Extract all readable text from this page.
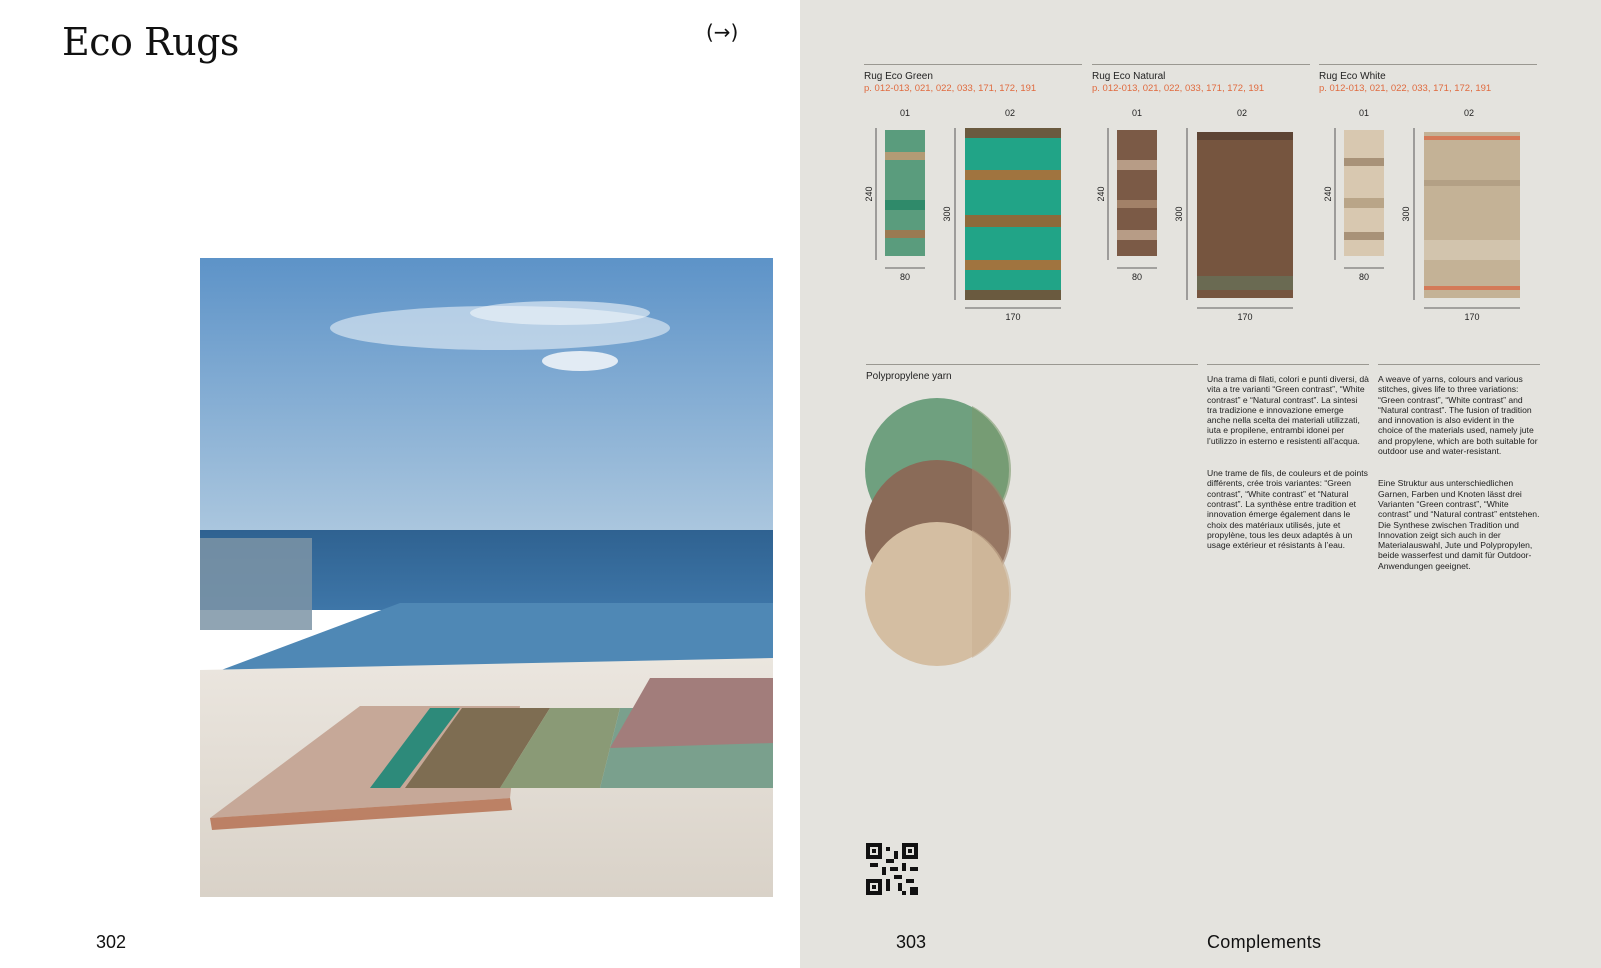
Eco Rugs	(→)
302
Rug Eco Green
p. 012-013, 021, 022, 033, 171, 172, 191
Rug Eco Natural
p. 012-013, 021, 022, 033, 171, 172, 191
Rug Eco White
p. 012-013, 021, 022, 033, 171, 172, 191
01	02
240
80
300
170
01	02
240
80
300
170
01	02
240
80
300
170
Polypropylene yarn	Una trama di filati, colori e punti diversi, dà vita a tre varianti “Green contrast”, “White contrast” e “Natural contrast”. La sintesi tra tradizione e innovazione emerge anche nella scelta dei materiali utilizzati, iuta e propilene, entrambi idonei per l’utilizzo in esterno e resistenti all’acqua.

Une trame de fils, de couleurs et de points différents, crée trois variantes: “Green contrast”, “White contrast” et “Natural contrast”. La synthèse entre tradition et innovation émerge également dans le choix des matériaux utilisés, jute et propylène, tous les deux adaptés à un usage extérieur et résistants à l’eau.

A weave of yarns, colours and various stitches, gives life to three variations: “Green contrast”, “White contrast” and “Natural contrast”. The fusion of tradition and innovation is also evident in the choice of the materials used, namely jute and propylene, which are both suitable for outdoor use and water-resistant.

Eine Struktur aus unterschiedlichen Garnen, Farben und Knoten lässt drei Varianten “Green contrast”, “White contrast” und “Natural contrast” entstehen. Die Synthese zwischen Tradition und Innovation zeigt sich auch in der Materialauswahl, Jute und Polypropylen, beide wasserfest und damit für Outdoor-Anwendungen geeignet.

303	Complements
